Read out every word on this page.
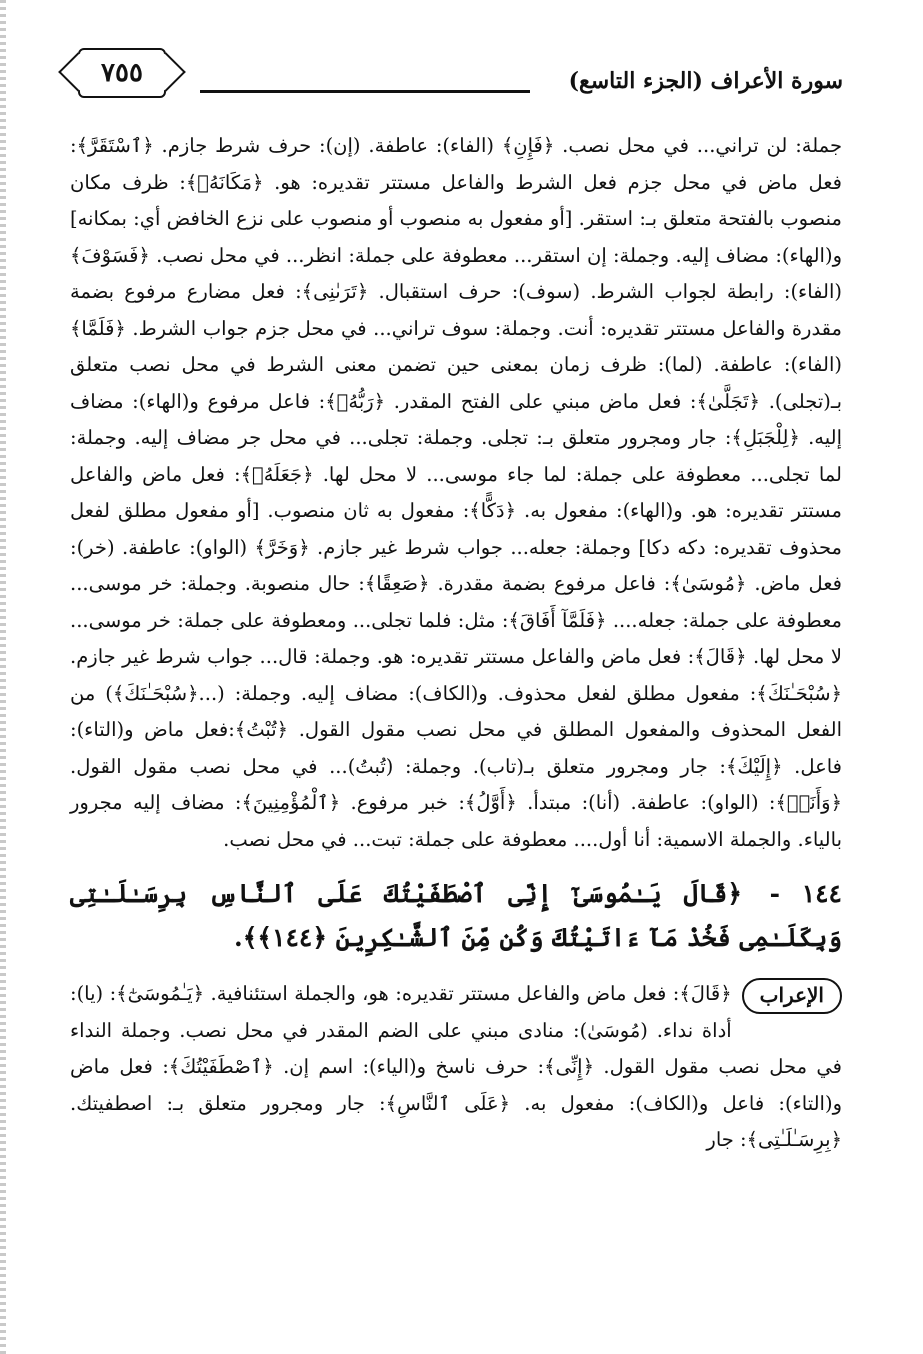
٧٥٥	سورة الأعراف (الجزء التاسع)

جملة: لن تراني... في محل نصب. ﴿فَإِنِ﴾ (الفاء): عاطفة. (إن): حرف شرط جازم. ﴿ٱسْتَقَرَّ﴾: فعل ماض في محل جزم فعل الشرط والفاعل مستتر تقديره: هو. ﴿مَكَانَهُۥ﴾: ظرف مكان منصوب بالفتحة متعلق بـ: استقر. [أو مفعول به منصوب أو منصوب على نزع الخافض أي: بمكانه] و(الهاء): مضاف إليه. وجملة: إن استقر... معطوفة على جملة: انظر... في محل نصب. ﴿فَسَوْفَ﴾ (الفاء): رابطة لجواب الشرط. (سوف): حرف استقبال. ﴿تَرَىٰنِى﴾: فعل مضارع مرفوع بضمة مقدرة والفاعل مستتر تقديره: أنت. وجملة: سوف تراني... في محل جزم جواب الشرط. ﴿فَلَمَّا﴾ (الفاء): عاطفة. (لما): ظرف زمان بمعنى حين تضمن معنى الشرط في محل نصب متعلق بـ(تجلى). ﴿تَجَلَّىٰ﴾: فعل ماض مبني على الفتح المقدر. ﴿رَبُّهُۥ﴾: فاعل مرفوع و(الهاء): مضاف إليه. ﴿لِلْجَبَلِ﴾: جار ومجرور متعلق بـ: تجلى. وجملة: تجلى... في محل جر مضاف إليه. وجملة: لما تجلى... معطوفة على جملة: لما جاء موسى... لا محل لها. ﴿جَعَلَهُۥ﴾: فعل ماض والفاعل مستتر تقديره: هو. و(الهاء): مفعول به. ﴿دَكًّا﴾: مفعول به ثان منصوب. [أو مفعول مطلق لفعل محذوف تقديره: دكه دكا] وجملة: جعله... جواب شرط غير جازم. ﴿وَخَرَّ﴾ (الواو): عاطفة. (خر): فعل ماض. ﴿مُوسَىٰ﴾: فاعل مرفوع بضمة مقدرة. ﴿صَعِقًا﴾: حال منصوبة. وجملة: خر موسى... معطوفة على جملة: جعله.... ﴿فَلَمَّآ أَفَاقَ﴾: مثل: فلما تجلى... ومعطوفة على جملة: خر موسى... لا محل لها. ﴿قَالَ﴾: فعل ماض والفاعل مستتر تقديره: هو. وجملة: قال... جواب شرط غير جازم. ﴿سُبْحَـٰنَكَ﴾: مفعول مطلق لفعل محذوف. و(الكاف): مضاف إليه. وجملة: (...﴿سُبْحَـٰنَكَ﴾) من الفعل المحذوف والمفعول المطلق في محل نصب مقول القول. ﴿تُبْتُ﴾:فعل ماض و(التاء): فاعل. ﴿إِلَيْكَ﴾: جار ومجرور متعلق بـ(تاب). وجملة: (تُبتُ)... في محل نصب مقول القول. ﴿وَأَنَا۠﴾: (الواو): عاطفة. (أنا): مبتدأ. ﴿أَوَّلُ﴾: خبر مرفوع. ﴿ٱلْمُؤْمِنِينَ﴾: مضاف إليه مجرور بالياء. والجملة الاسمية: أنا أول.... معطوفة على جملة: تبت... في محل نصب.

١٤٤ - ﴿قَالَ يَـٰمُوسَىٰٓ إِنِّى ٱصْطَفَيْتُكَ عَلَى ٱلنَّاسِ بِرِسَـٰلَـٰتِى وَبِكَلَـٰمِى فَخُذْ مَآ ءَاتَيْتُكَ وَكُن مِّنَ ٱلشَّـٰكِرِينَ ﴿١٤٤﴾﴾.
الإعراب

﴿قَالَ﴾: فعل ماض والفاعل مستتر تقديره: هو، والجملة استئنافية. ﴿يَـٰمُوسَىٰٓ﴾: (يا): أداة نداء. (مُوسَىٰ): منادى مبني على الضم المقدر في محل نصب. وجملة النداء في محل نصب مقول القول. ﴿إِنِّى﴾: حرف ناسخ و(الياء): اسم إن. ﴿ٱصْطَفَيْتُكَ﴾: فعل ماض و(التاء): فاعل و(الكاف): مفعول به. ﴿عَلَى ٱلنَّاسِ﴾: جار ومجرور متعلق بـ: اصطفيتك. ﴿بِرِسَـٰلَـٰتِى﴾: جار
